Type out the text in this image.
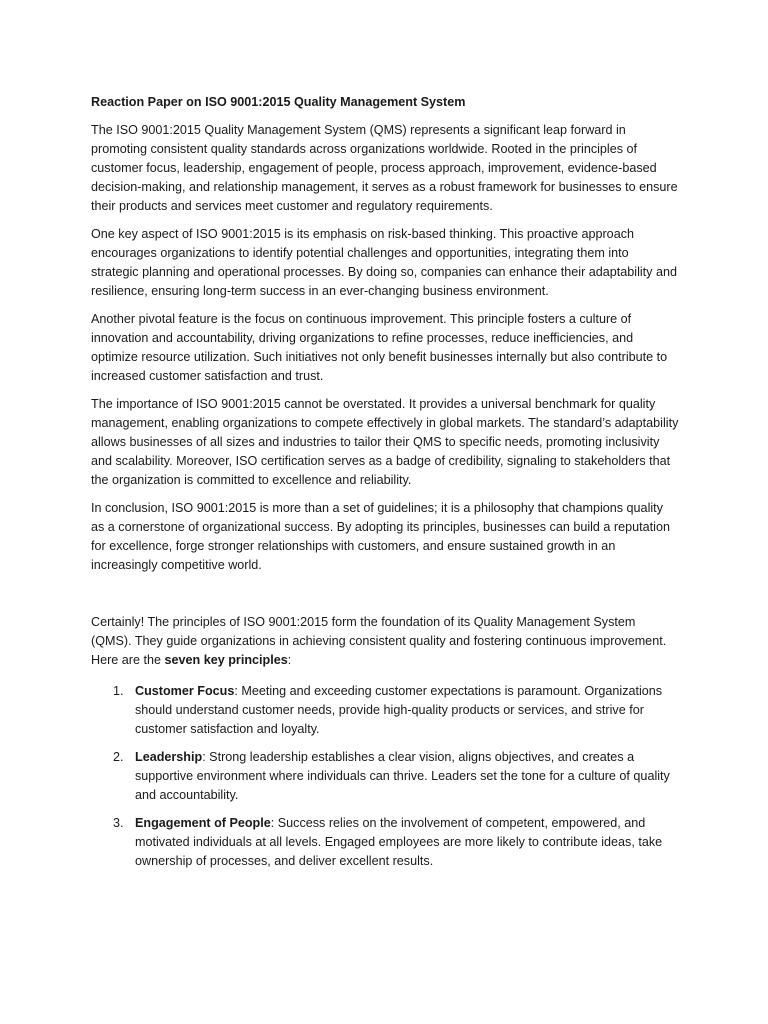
Reaction Paper on ISO 9001:2015 Quality Management System

The ISO 9001:2015 Quality Management System (QMS) represents a significant leap forward in promoting consistent quality standards across organizations worldwide. Rooted in the principles of customer focus, leadership, engagement of people, process approach, improvement, evidence-based decision-making, and relationship management, it serves as a robust framework for businesses to ensure their products and services meet customer and regulatory requirements.

One key aspect of ISO 9001:2015 is its emphasis on risk-based thinking. This proactive approach encourages organizations to identify potential challenges and opportunities, integrating them into strategic planning and operational processes. By doing so, companies can enhance their adaptability and resilience, ensuring long-term success in an ever-changing business environment.

Another pivotal feature is the focus on continuous improvement. This principle fosters a culture of innovation and accountability, driving organizations to refine processes, reduce inefficiencies, and optimize resource utilization. Such initiatives not only benefit businesses internally but also contribute to increased customer satisfaction and trust.

The importance of ISO 9001:2015 cannot be overstated. It provides a universal benchmark for quality management, enabling organizations to compete effectively in global markets. The standard’s adaptability allows businesses of all sizes and industries to tailor their QMS to specific needs, promoting inclusivity and scalability. Moreover, ISO certification serves as a badge of credibility, signaling to stakeholders that the organization is committed to excellence and reliability.

In conclusion, ISO 9001:2015 is more than a set of guidelines; it is a philosophy that champions quality as a cornerstone of organizational success. By adopting its principles, businesses can build a reputation for excellence, forge stronger relationships with customers, and ensure sustained growth in an increasingly competitive world.

Certainly! The principles of ISO 9001:2015 form the foundation of its Quality Management System (QMS). They guide organizations in achieving consistent quality and fostering continuous improvement. Here are the seven key principles:

1. Customer Focus: Meeting and exceeding customer expectations is paramount. Organizations should understand customer needs, provide high-quality products or services, and strive for customer satisfaction and loyalty.
2. Leadership: Strong leadership establishes a clear vision, aligns objectives, and creates a supportive environment where individuals can thrive. Leaders set the tone for a culture of quality and accountability.
3. Engagement of People: Success relies on the involvement of competent, empowered, and motivated individuals at all levels. Engaged employees are more likely to contribute ideas, take ownership of processes, and deliver excellent results.
